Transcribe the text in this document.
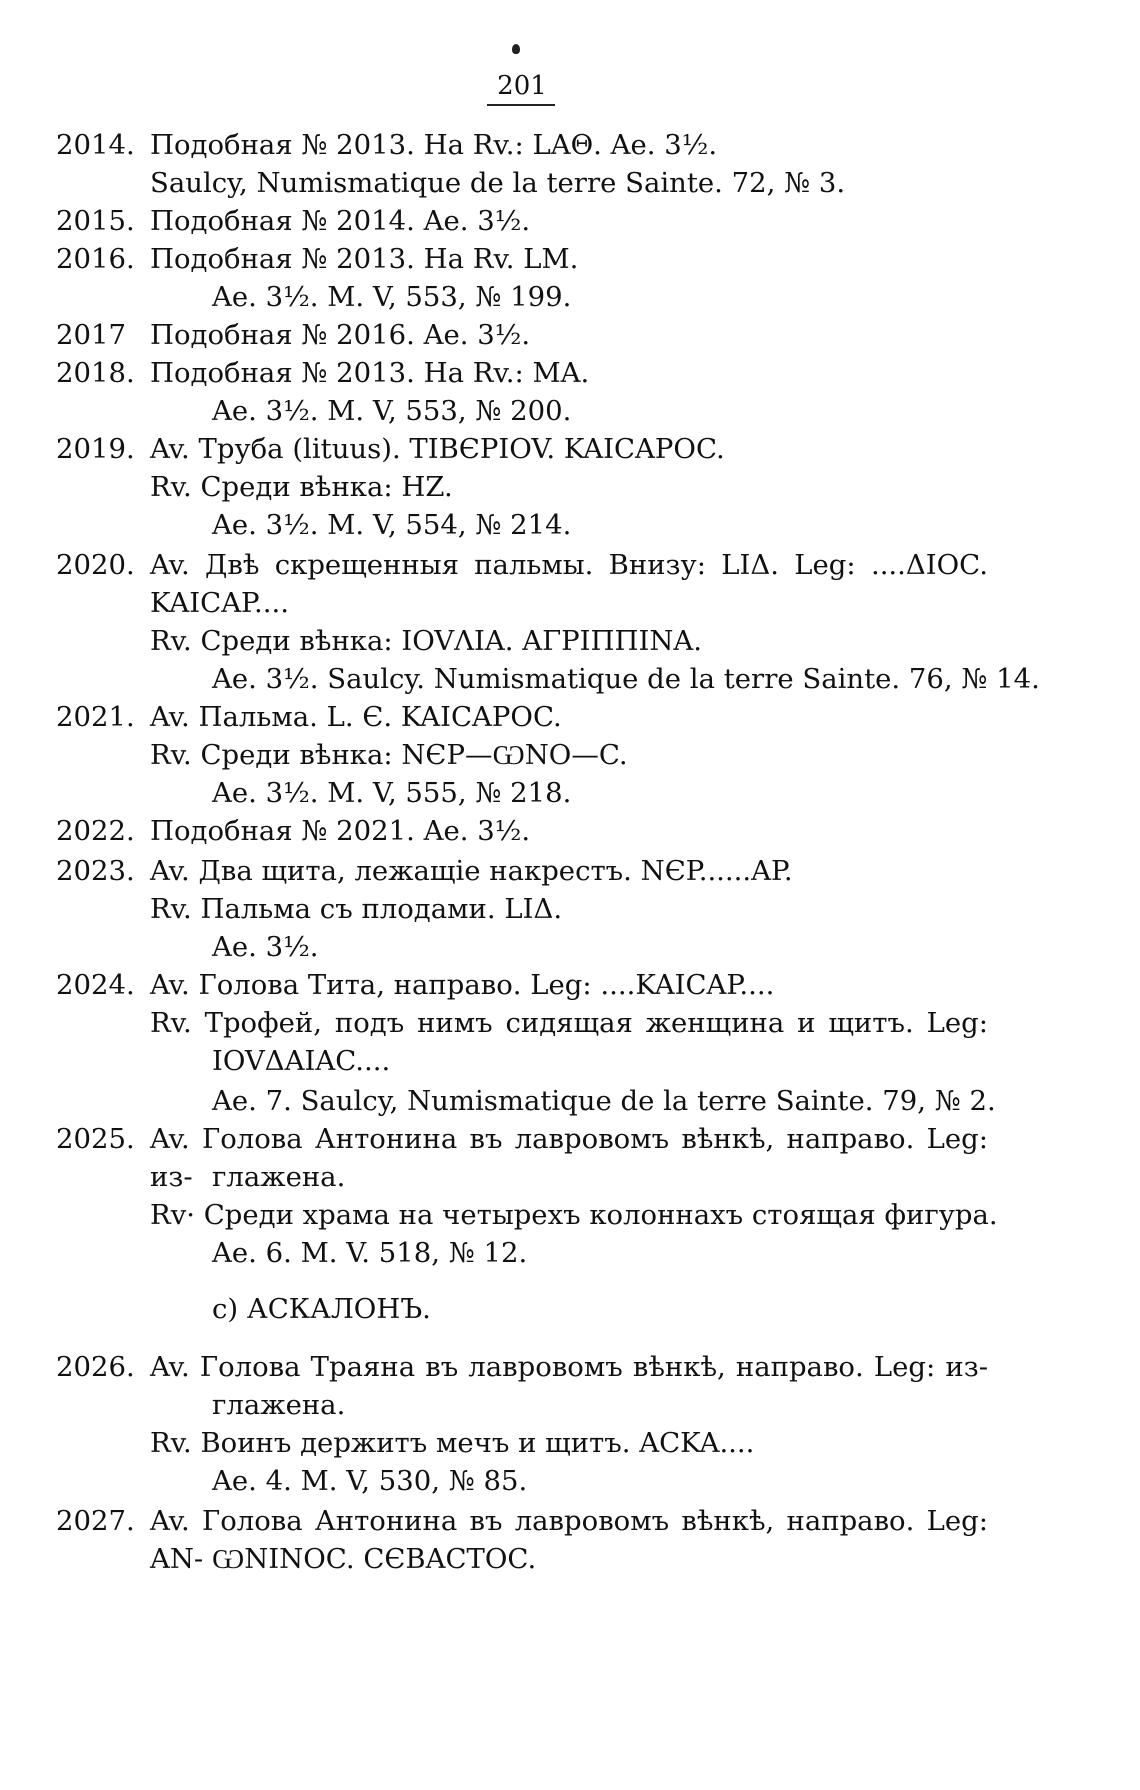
201
2014. Подобная № 2013. На Rv.: LAΘ. Ae. 3½.
Saulcy, Numismatique de la terre Sainte. 72, № 3.
2015. Подобная № 2014. Ae. 3½.
2016. Подобная № 2013. На Rv. LM.
Ae. 3½. M. V, 553, № 199.
2017 Подобная № 2016. Ae. 3½.
2018. Подобная № 2013. На Rv.: MA.
Ae. 3½. M. V, 553, № 200.
2019. Av. Труба (lituus). TIBЄPIOV. KAICAPOC.
Rv. Среди вѣнка: HZ.
Ae. 3½. M. V, 554, № 214.
2020. Av. Двѣ скрещенныя пальмы. Внизу: LIΔ. Leg: ....ΔIOC.
KAICAP....
Rv. Среди вѣнка: IOVΛIA. AΓPIΠΠINA.
Ae. 3½. Saulcy. Numismatique de la terre Sainte. 76, № 14.
2021. Av. Пальма. L. Є. KAICAPOC.
Rv. Среди вѣнка: NЄP—ѠNO—C.
Ae. 3½. M. V, 555, № 218.
2022. Подобная № 2021. Ae. 3½.
2023. Av. Два щита, лежащіе накрестъ. NЄP......AP.
Rv. Пальма съ плодами. LIΔ.
Ae. 3½.
2024. Av. Голова Тита, направо. Leg: ....KAICAP....
Rv. Трофей, подъ нимъ сидящая женщина и щитъ. Leg:
IOVΔAIAC....
Ae. 7. Saulcy, Numismatique de la terre Sainte. 79, № 2.
2025. Av. Голова Антонина въ лавровомъ вѣнкѣ, направо. Leg: из- глажена.
Rv· Среди храма на четырехъ колоннахъ стоящая фигура.
Ae. 6. M. V. 518, № 12.
c) АСКАЛОНЪ.
2026. Av. Голова Траяна въ лавровомъ вѣнкѣ, направо. Leg: из-
глажена.
Rv. Воинъ держитъ мечъ и щитъ. ACKA....
Ae. 4. M. V, 530, № 85.
2027. Av. Голова Антонина въ лавровомъ вѣнкѣ, направо. Leg: AN- ѠNINOC. CЄBACTOC.
